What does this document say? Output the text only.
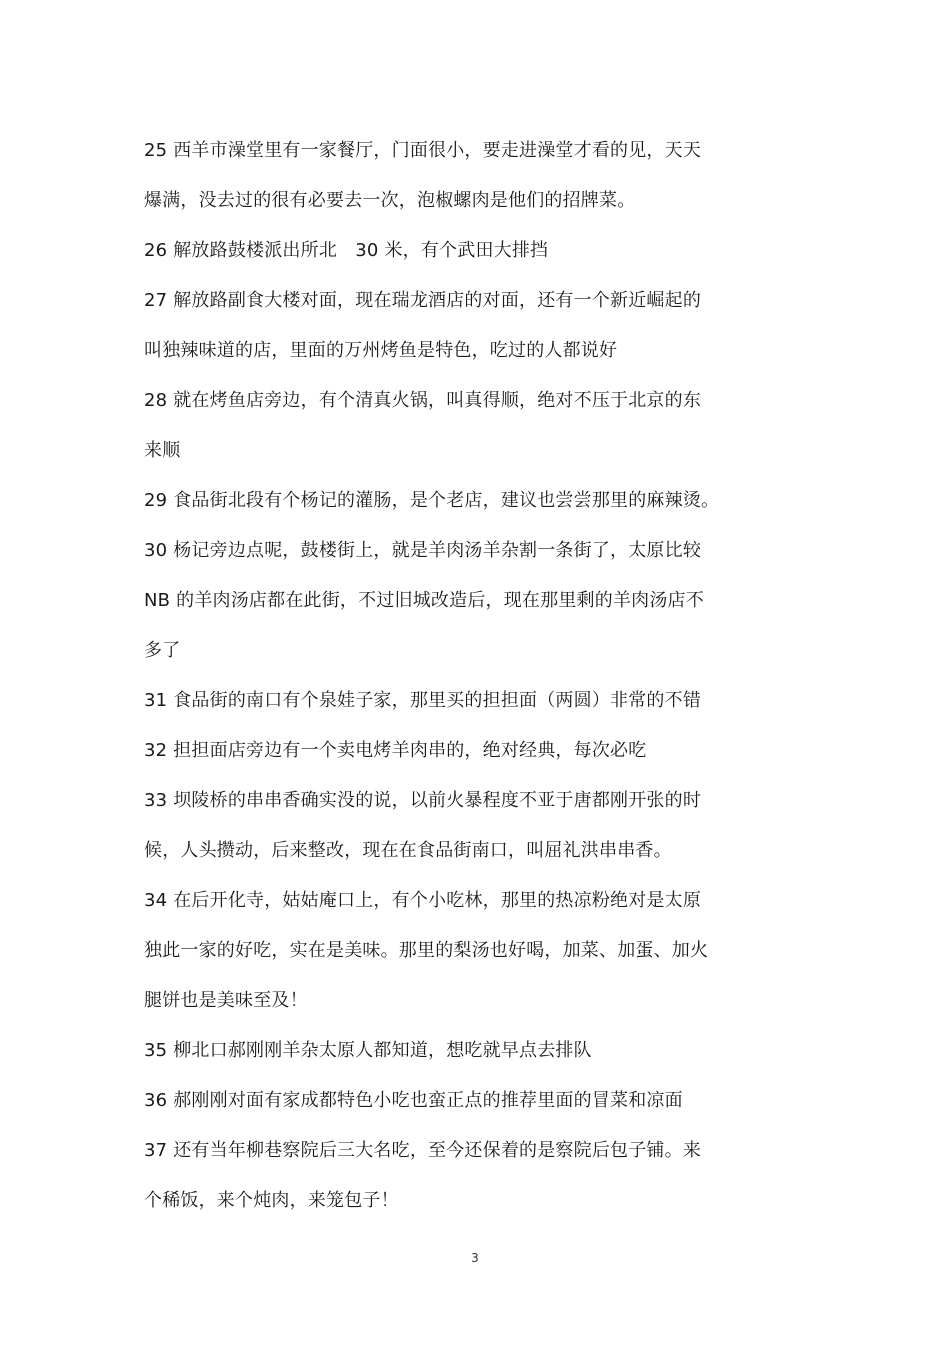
25 西羊市澡堂里有一家餐厅，门面很小，要走进澡堂才看的见，天天
爆满，没去过的很有必要去一次，泡椒螺肉是他们的招牌菜。
26 解放路鼓楼派出所北　30 米，有个武田大排挡
27 解放路副食大楼对面，现在瑞龙酒店的对面，还有一个新近崛起的
叫独辣味道的店，里面的万州烤鱼是特色，吃过的人都说好
28 就在烤鱼店旁边，有个清真火锅，叫真得顺，绝对不压于北京的东
来顺
29 食品街北段有个杨记的灌肠，是个老店，建议也尝尝那里的麻辣烫。
30 杨记旁边点呢，鼓楼街上，就是羊肉汤羊杂割一条街了，太原比较
NB 的羊肉汤店都在此街，不过旧城改造后，现在那里剩的羊肉汤店不
多了
31 食品街的南口有个泉娃子家，那里买的担担面（两圆）非常的不错
32 担担面店旁边有一个卖电烤羊肉串的，绝对经典，每次必吃
33 坝陵桥的串串香确实没的说，以前火暴程度不亚于唐都刚开张的时
候，人头攒动，后来整改，现在在食品街南口，叫屈礼洪串串香。
34 在后开化寺，姑姑庵口上，有个小吃林，那里的热凉粉绝对是太原
独此一家的好吃，实在是美味。那里的梨汤也好喝，加菜、加蛋、加火
腿饼也是美味至及！
35 柳北口郝刚刚羊杂太原人都知道，想吃就早点去排队
36 郝刚刚对面有家成都特色小吃也蛮正点的推荐里面的冒菜和凉面
37 还有当年柳巷察院后三大名吃，至今还保着的是察院后包子铺。来
个稀饭，来个炖肉，来笼包子！
3
